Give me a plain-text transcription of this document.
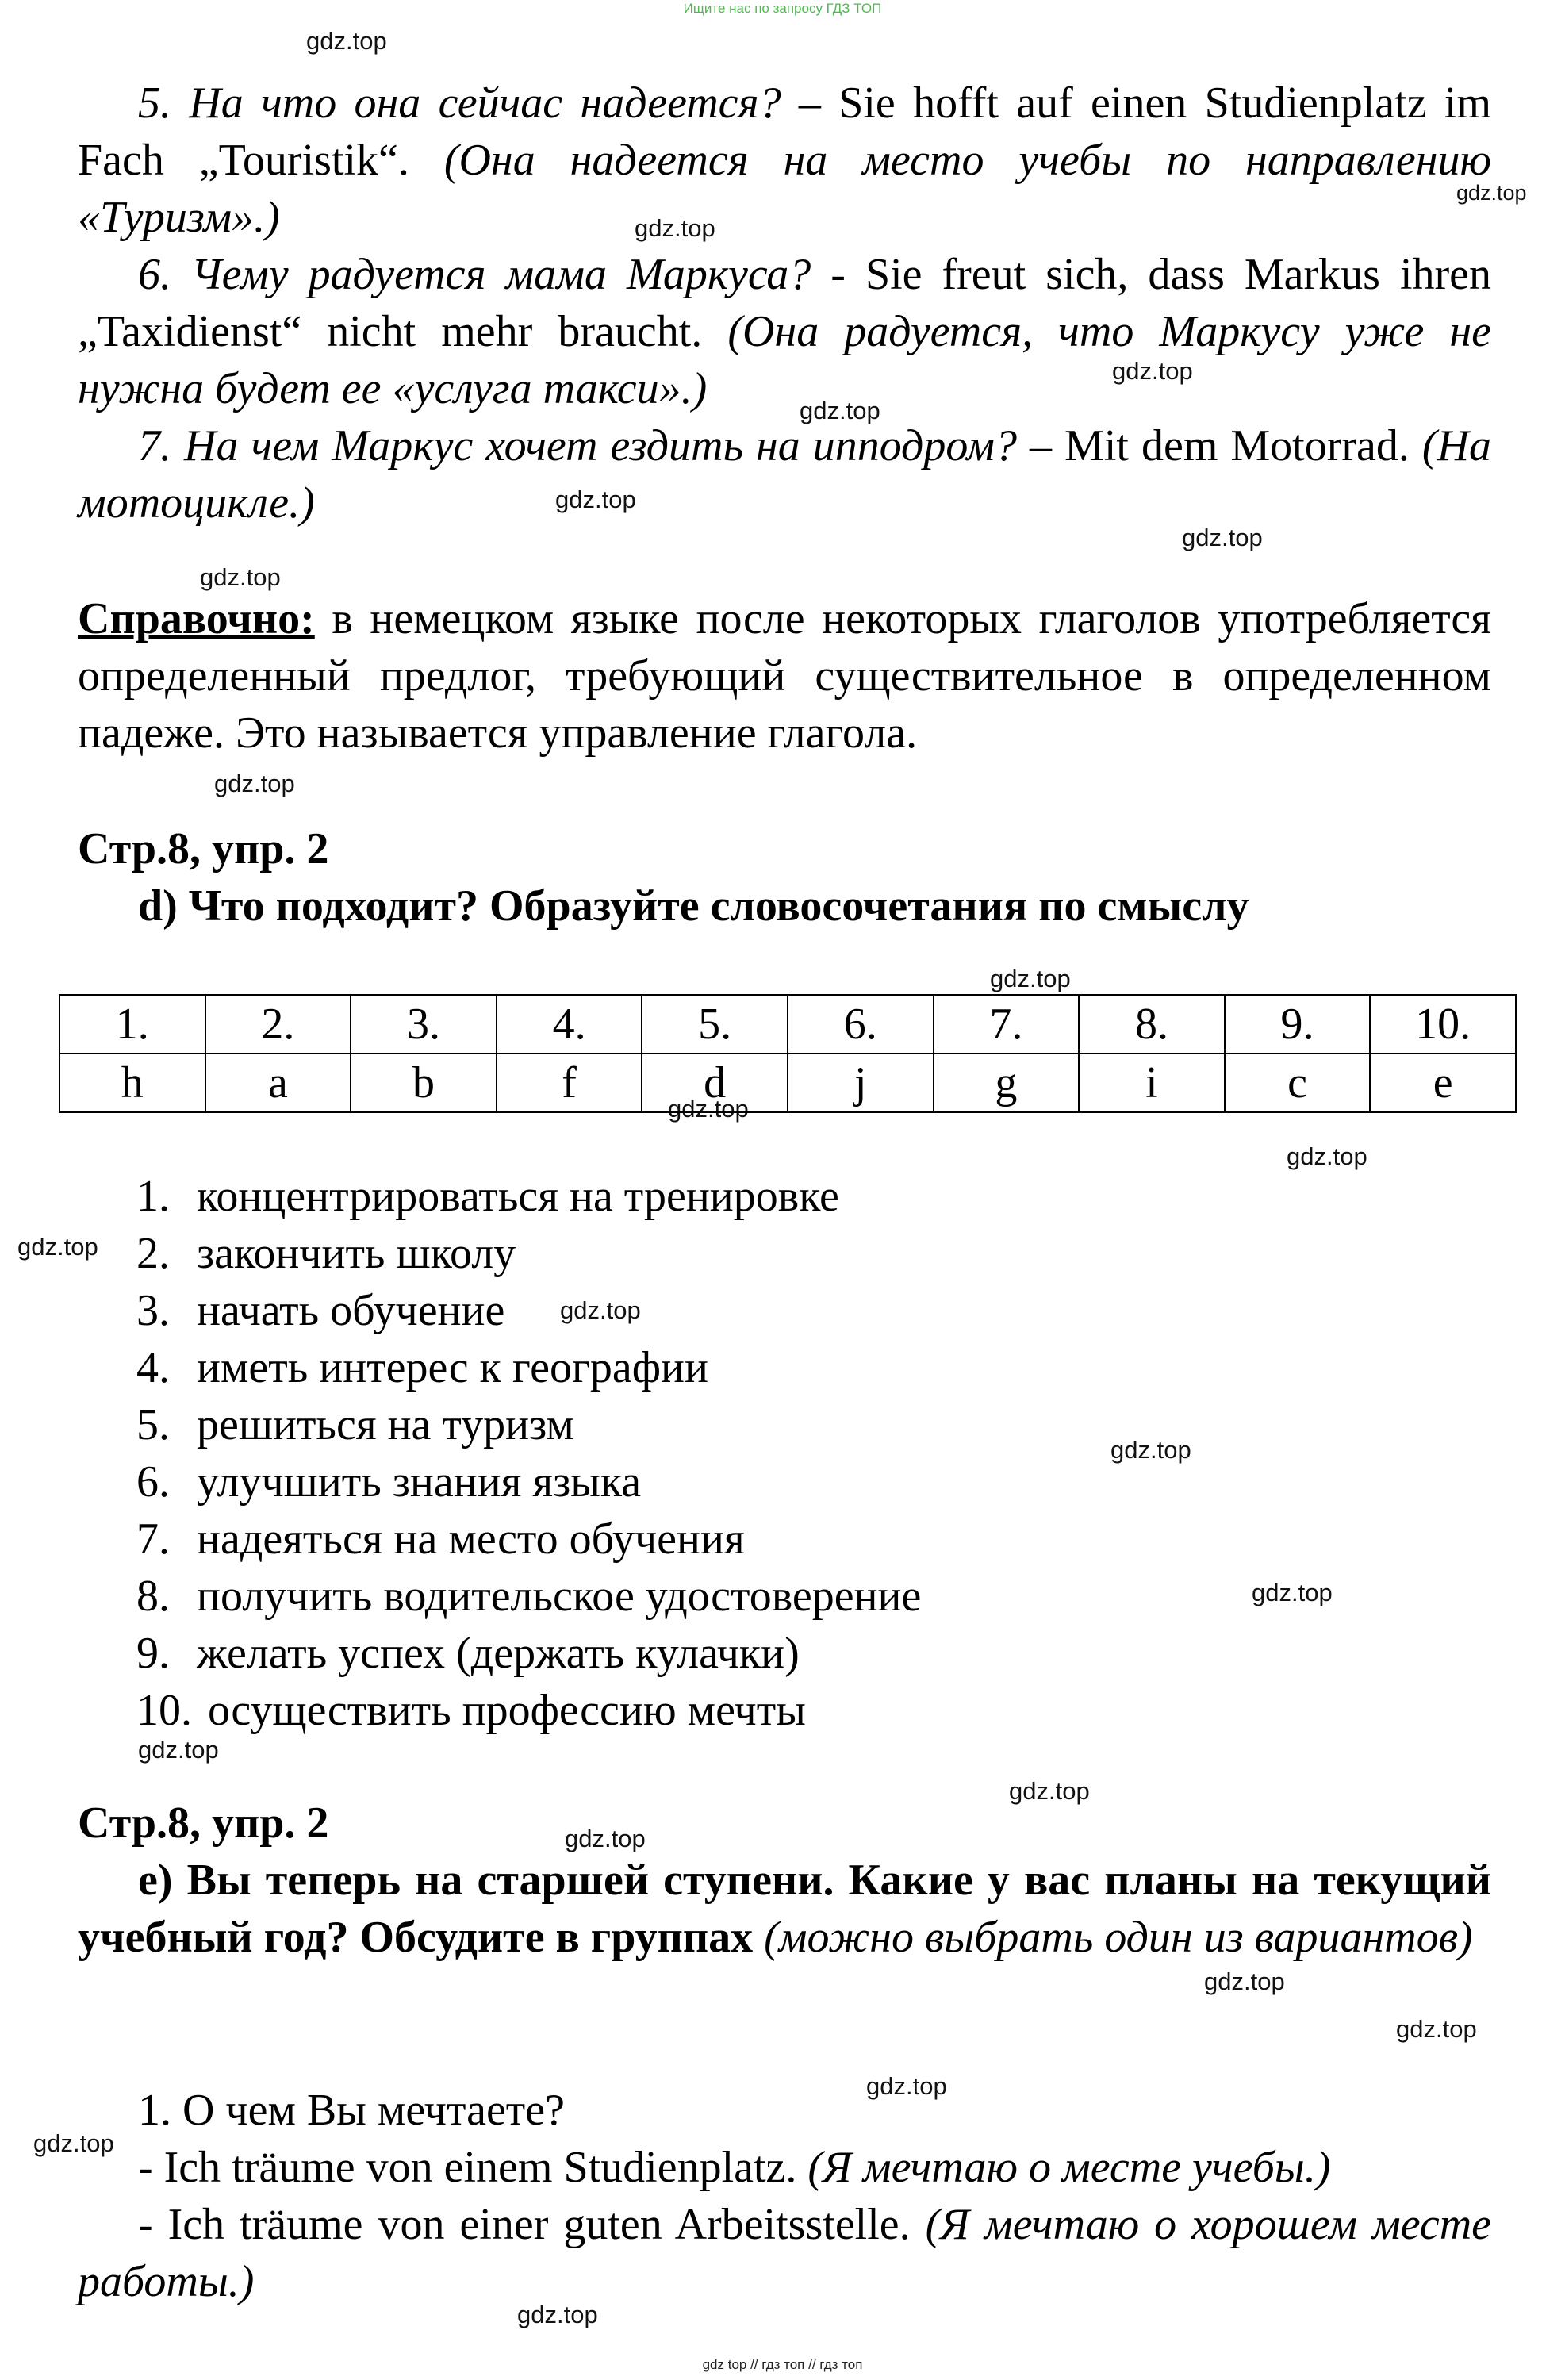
Ищите нас по запросу ГДЗ ТОП
gdz.top
gdz.top
gdz.top
gdz.top
gdz.top
gdz.top
gdz.top
gdz.top
gdz.top
gdz.top
gdz.top
gdz.top
gdz.top
gdz.top
gdz.top
gdz.top
gdz.top
gdz.top
gdz.top
gdz.top
gdz.top
gdz.top
gdz.top
gdz.top

5. На что она сейчас надеется? – Sie hofft auf einen Studienplatz im Fach „Touristik“. (Она надеется на место учебы по направлению «Туризм».)

6. Чему радуется мама Маркуса? - Sie freut sich, dass Markus ihren „Taxidienst“ nicht mehr braucht. (Она радуется, что Маркусу уже не нужна будет ее «услуга такси».)

7. На чем Маркус хочет ездить на ипподром? – Mit dem Motorrad. (На мотоцикле.)

Справочно: в немецком языке после некоторых глаголов употребляется определенный предлог, требующий существительное в определенном падеже. Это называется управление глагола.

Стр.8, упр. 2

d) Что подходит? Образуйте словосочетания по смыслу

1.	2.	3.	4.	5.	6.	7.	8.	9.	10.
h	a	b	f	d	j	g	i	c	e
1. концентрироваться на тренировке
2. закончить школу
3. начать обучение
4. иметь интерес к географии
5. решиться на туризм
6. улучшить знания языка
7. надеяться на место обучения
8. получить водительское удостоверение
9. желать успех (держать кулачки)
10. осуществить профессию мечты

Стр.8, упр. 2

e) Вы теперь на старшей ступени. Какие у вас планы на текущий учебный год? Обсудите в группах (можно выбрать один из вариантов)

1. О чем Вы мечтаете?

- Ich träume von einem Studienplatz. (Я мечтаю о месте учебы.)

- Ich träume von einer guten Arbeitsstelle. (Я мечтаю о хорошем месте работы.)

gdz top // гдз топ // гдз топ
